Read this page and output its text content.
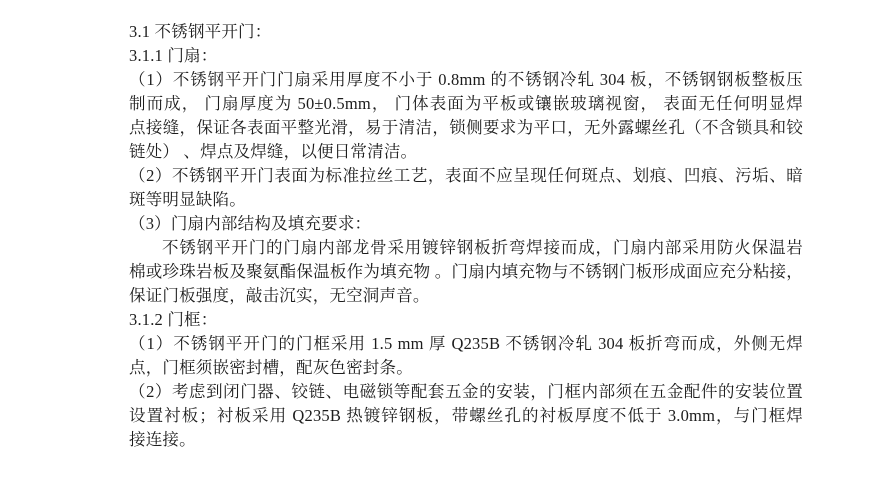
3.1 不锈钢平开门：
3.1.1 门扇：
（1）不锈钢平开门门扇采用厚度不小于 0.8mm 的不锈钢冷轧 304 板，不锈钢钢板整板压
制而成， 门扇厚度为 50±0.5mm， 门体表面为平板或镶嵌玻璃视窗， 表面无任何明显焊
点接缝，保证各表面平整光滑，易于清洁，锁侧要求为平口，无外露螺丝孔（不含锁具和铰
链处） 、焊点及焊缝，以便日常清洁。
（2）不锈钢平开门表面为标准拉丝工艺，表面不应呈现任何斑点、划痕、凹痕、污垢、暗
斑等明显缺陷。
（3）门扇内部结构及填充要求：
不锈钢平开门的门扇内部龙骨采用镀锌钢板折弯焊接而成，门扇内部采用防火保温岩
棉或珍珠岩板及聚氨酯保温板作为填充物 。门扇内填充物与不锈钢门板形成面应充分粘接，
保证门板强度，敲击沉实，无空洞声音。
3.1.2 门框：
（1）不锈钢平开门的门框采用 1.5 mm 厚 Q235B 不锈钢冷轧 304 板折弯而成，外侧无焊
点，门框须嵌密封槽，配灰色密封条。
（2）考虑到闭门器、铰链、电磁锁等配套五金的安装，门框内部须在五金配件的安装位置
设置衬板；衬板采用 Q235B 热镀锌钢板，带螺丝孔的衬板厚度不低于 3.0mm，与门框焊
接连接。
